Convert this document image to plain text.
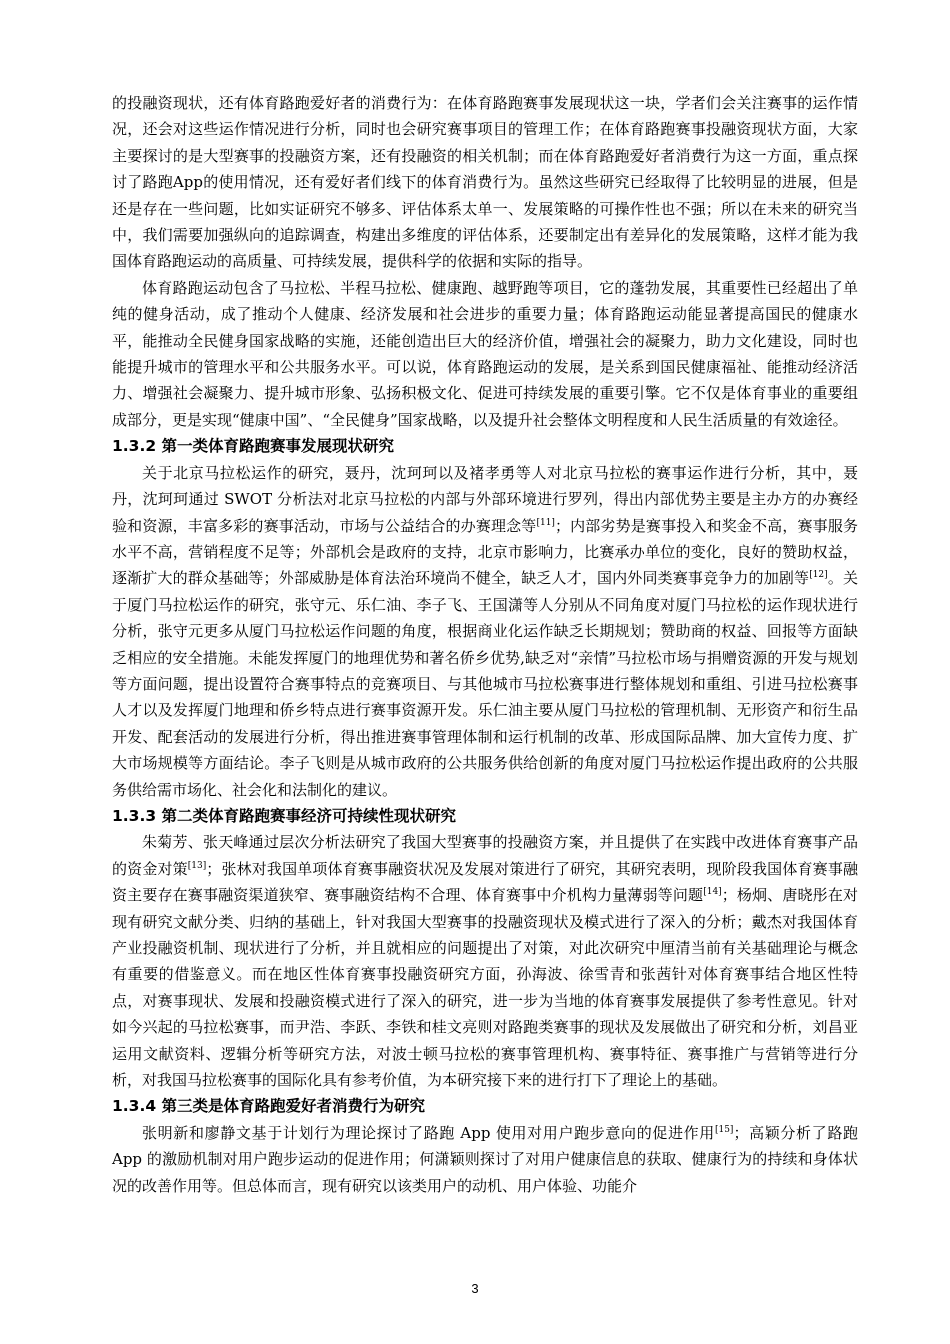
的投融资现状，还有体育路跑爱好者的消费行为：在体育路跑赛事发展现状这一块，学者们会关注赛事的运作情况，还会对这些运作情况进行分析，同时也会研究赛事项目的管理工作；在体育路跑赛事投融资现状方面，大家主要探讨的是大型赛事的投融资方案，还有投融资的相关机制；而在体育路跑爱好者消费行为这一方面，重点探讨了路跑App的使用情况，还有爱好者们线下的体育消费行为。虽然这些研究已经取得了比较明显的进展，但是还是存在一些问题，比如实证研究不够多、评估体系太单一、发展策略的可操作性也不强；所以在未来的研究当中，我们需要加强纵向的追踪调查，构建出多维度的评估体系，还要制定出有差异化的发展策略，这样才能为我国体育路跑运动的高质量、可持续发展，提供科学的依据和实际的指导。

体育路跑运动包含了马拉松、半程马拉松、健康跑、越野跑等项目，它的蓬勃发展，其重要性已经超出了单纯的健身活动，成了推动个人健康、经济发展和社会进步的重要力量；体育路跑运动能显著提高国民的健康水平，能推动全民健身国家战略的实施，还能创造出巨大的经济价值，增强社会的凝聚力，助力文化建设，同时也能提升城市的管理水平和公共服务水平。可以说，体育路跑运动的发展，是关系到国民健康福祉、能推动经济活力、增强社会凝聚力、提升城市形象、弘扬积极文化、促进可持续发展的重要引擎。它不仅是体育事业的重要组成部分，更是实现“健康中国”、“全民健身”国家战略，以及提升社会整体文明程度和人民生活质量的有效途径。

1.3.2 第一类体育路跑赛事发展现状研究

关于北京马拉松运作的研究，聂丹，沈珂珂以及褚孝勇等人对北京马拉松的赛事运作进行分析，其中，聂丹，沈珂珂通过 SWOT 分析法对北京马拉松的内部与外部环境进行罗列，得出内部优势主要是主办方的办赛经验和资源，丰富多彩的赛事活动，市场与公益结合的办赛理念等[11]；内部劣势是赛事投入和奖金不高，赛事服务水平不高，营销程度不足等；外部机会是政府的支持，北京市影响力，比赛承办单位的变化，良好的赞助权益，逐渐扩大的群众基础等；外部威胁是体育法治环境尚不健全，缺乏人才，国内外同类赛事竞争力的加剧等[12]。关于厦门马拉松运作的研究，张守元、乐仁油、李子飞、王国潇等人分别从不同角度对厦门马拉松的运作现状进行分析，张守元更多从厦门马拉松运作问题的角度，根据商业化运作缺乏长期规划；赞助商的权益、回报等方面缺乏相应的安全措施。未能发挥厦门的地理优势和著名侨乡优势,缺乏对“亲情”马拉松市场与捐赠资源的开发与规划等方面问题，提出设置符合赛事特点的竞赛项目、与其他城市马拉松赛事进行整体规划和重组、引进马拉松赛事人才以及发挥厦门地理和侨乡特点进行赛事资源开发。乐仁油主要从厦门马拉松的管理机制、无形资产和衍生品开发、配套活动的发展进行分析，得出推进赛事管理体制和运行机制的改革、形成国际品牌、加大宣传力度、扩大市场规模等方面结论。李子飞则是从城市政府的公共服务供给创新的角度对厦门马拉松运作提出政府的公共服务供给需市场化、社会化和法制化的建议。

1.3.3 第二类体育路跑赛事经济可持续性现状研究

朱菊芳、张天峰通过层次分析法研究了我国大型赛事的投融资方案，并且提供了在实践中改进体育赛事产品的资金对策[13]；张林对我国单项体育赛事融资状况及发展对策进行了研究，其研究表明，现阶段我国体育赛事融资主要存在赛事融资渠道狭窄、赛事融资结构不合理、体育赛事中介机构力量薄弱等问题[14]；杨炯、唐晓彤在对现有研究文献分类、归纳的基础上，针对我国大型赛事的投融资现状及模式进行了深入的分析；戴杰对我国体育产业投融资机制、现状进行了分析，并且就相应的问题提出了对策，对此次研究中厘清当前有关基础理论与概念有重要的借鉴意义。而在地区性体育赛事投融资研究方面，孙海波、徐雪青和张茜针对体育赛事结合地区性特点，对赛事现状、发展和投融资模式进行了深入的研究，进一步为当地的体育赛事发展提供了参考性意见。针对如今兴起的马拉松赛事，而尹浩、李跃、李铁和桂文亮则对路跑类赛事的现状及发展做出了研究和分析，刘昌亚运用文献资料、逻辑分析等研究方法，对波士顿马拉松的赛事管理机构、赛事特征、赛事推广与营销等进行分析，对我国马拉松赛事的国际化具有参考价值，为本研究接下来的进行打下了理论上的基础。

1.3.4 第三类是体育路跑爱好者消费行为研究

张明新和廖静文基于计划行为理论探讨了路跑 App 使用对用户跑步意向的促进作用[15]；高颖分析了路跑 App 的激励机制对用户跑步运动的促进作用；何潇颖则探讨了对用户健康信息的获取、健康行为的持续和身体状况的改善作用等。但总体而言，现有研究以该类用户的动机、用户体验、功能介

3
